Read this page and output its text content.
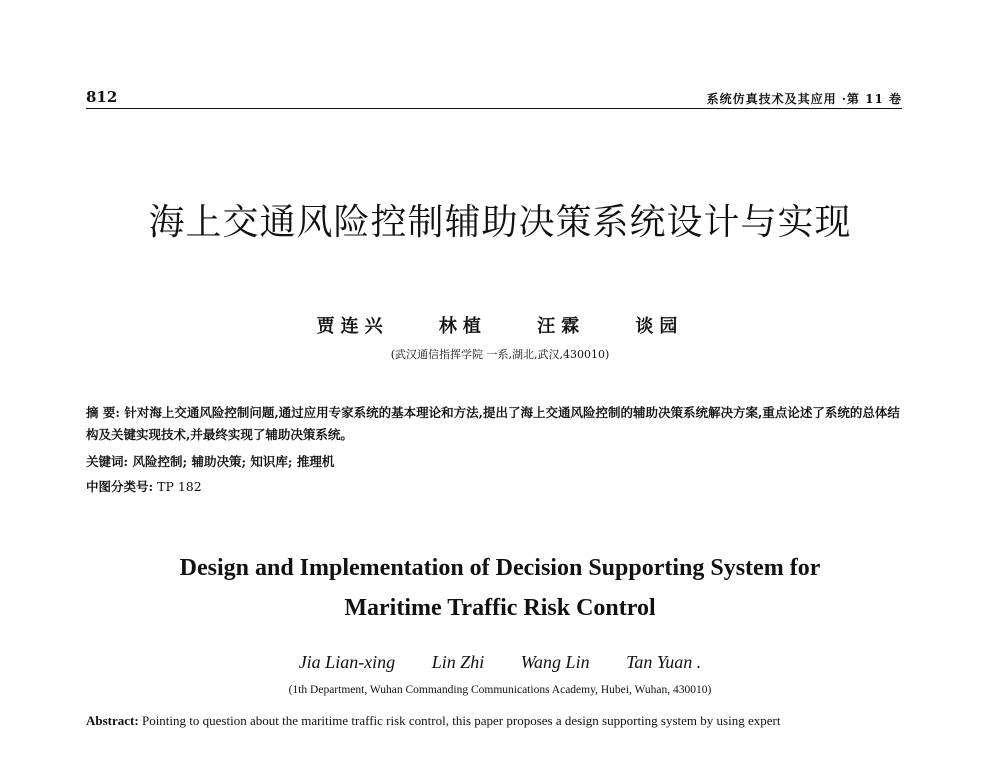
812	系统仿真技术及其应用 ·第 11 卷
海上交通风险控制辅助决策系统设计与实现
贾连兴	林植	汪霖	谈园
(武汉通信指挥学院 一系,湖北,武汉,430010)
摘 要: 针对海上交通风险控制问题,通过应用专家系统的基本理论和方法,提出了海上交通风险控制的辅助决策系统解决方案,重点论述了系统的总体结构及关键实现技术,并最终实现了辅助决策系统。
关键词: 风险控制; 辅助决策; 知识库; 推理机
中图分类号: TP 182
Design and Implementation of Decision Supporting System for
Maritime Traffic Risk Control
Jia Lian-xing Lin Zhi Wang Lin Tan Yuan .
(1th Department, Wuhan Commanding Communications Academy, Hubei, Wuhan, 430010)
Abstract: Pointing to question about the maritime traffic risk control, this paper proposes a design supporting system by using expert
